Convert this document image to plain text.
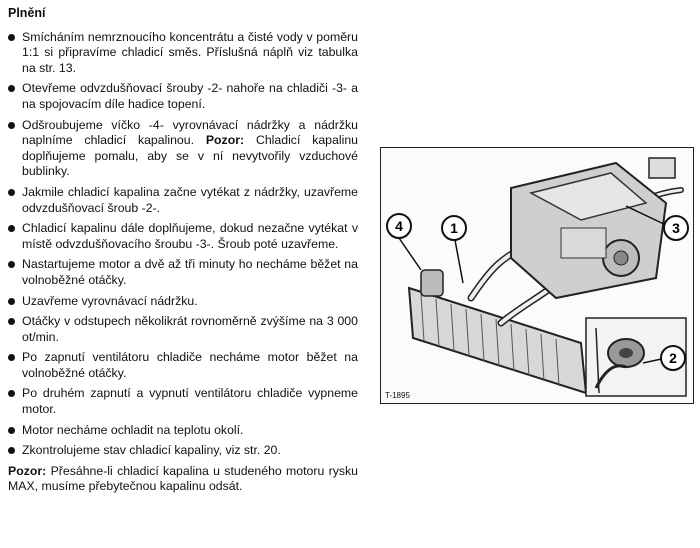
Plnění
Smícháním nemrznoucího koncentrátu a čisté vody v poměru 1:1 si připravíme chladicí směs. Příslušná náplň viz tabulka na str. 13.
Otevřeme odvzdušňovací šrouby -2- nahoře na chladiči -3- a na spojovacím díle hadice topení.
Odšroubujeme víčko -4- vyrovnávací nádržky a nádržku naplníme chladicí kapalinou. Pozor: Chladicí kapalinu doplňujeme pomalu, aby se v ní nevytvořily vzduchové bublinky.
Jakmile chladicí kapalina začne vytékat z nádržky, uzavřeme odvzdušňovací šroub -2-.
Chladicí kapalinu dále doplňujeme, dokud nezačne vytékat v místě odvzdušňovacího šroubu -3-. Šroub poté uzavřeme.
Nastartujeme motor a dvě až tři minuty ho necháme běžet na volnoběžné otáčky.
Uzavřeme vyrovnávací nádržku.
Otáčky v odstupech několikrát rovnoměrně zvýšíme na 3 000 ot/min.
Po zapnutí ventilátoru chladiče necháme motor běžet na volnoběžné otáčky.
Po druhém zapnutí a vypnutí ventilátoru chladiče vypneme motor.
Motor necháme ochladit na teplotu okolí.
Zkontrolujeme stav chladicí kapaliny, viz str. 20.
Pozor: Přesáhne-li chladicí kapalina u studeného motoru rysku MAX, musíme přebytečnou kapalinu odsát.
4	1	3
2
T-1895
